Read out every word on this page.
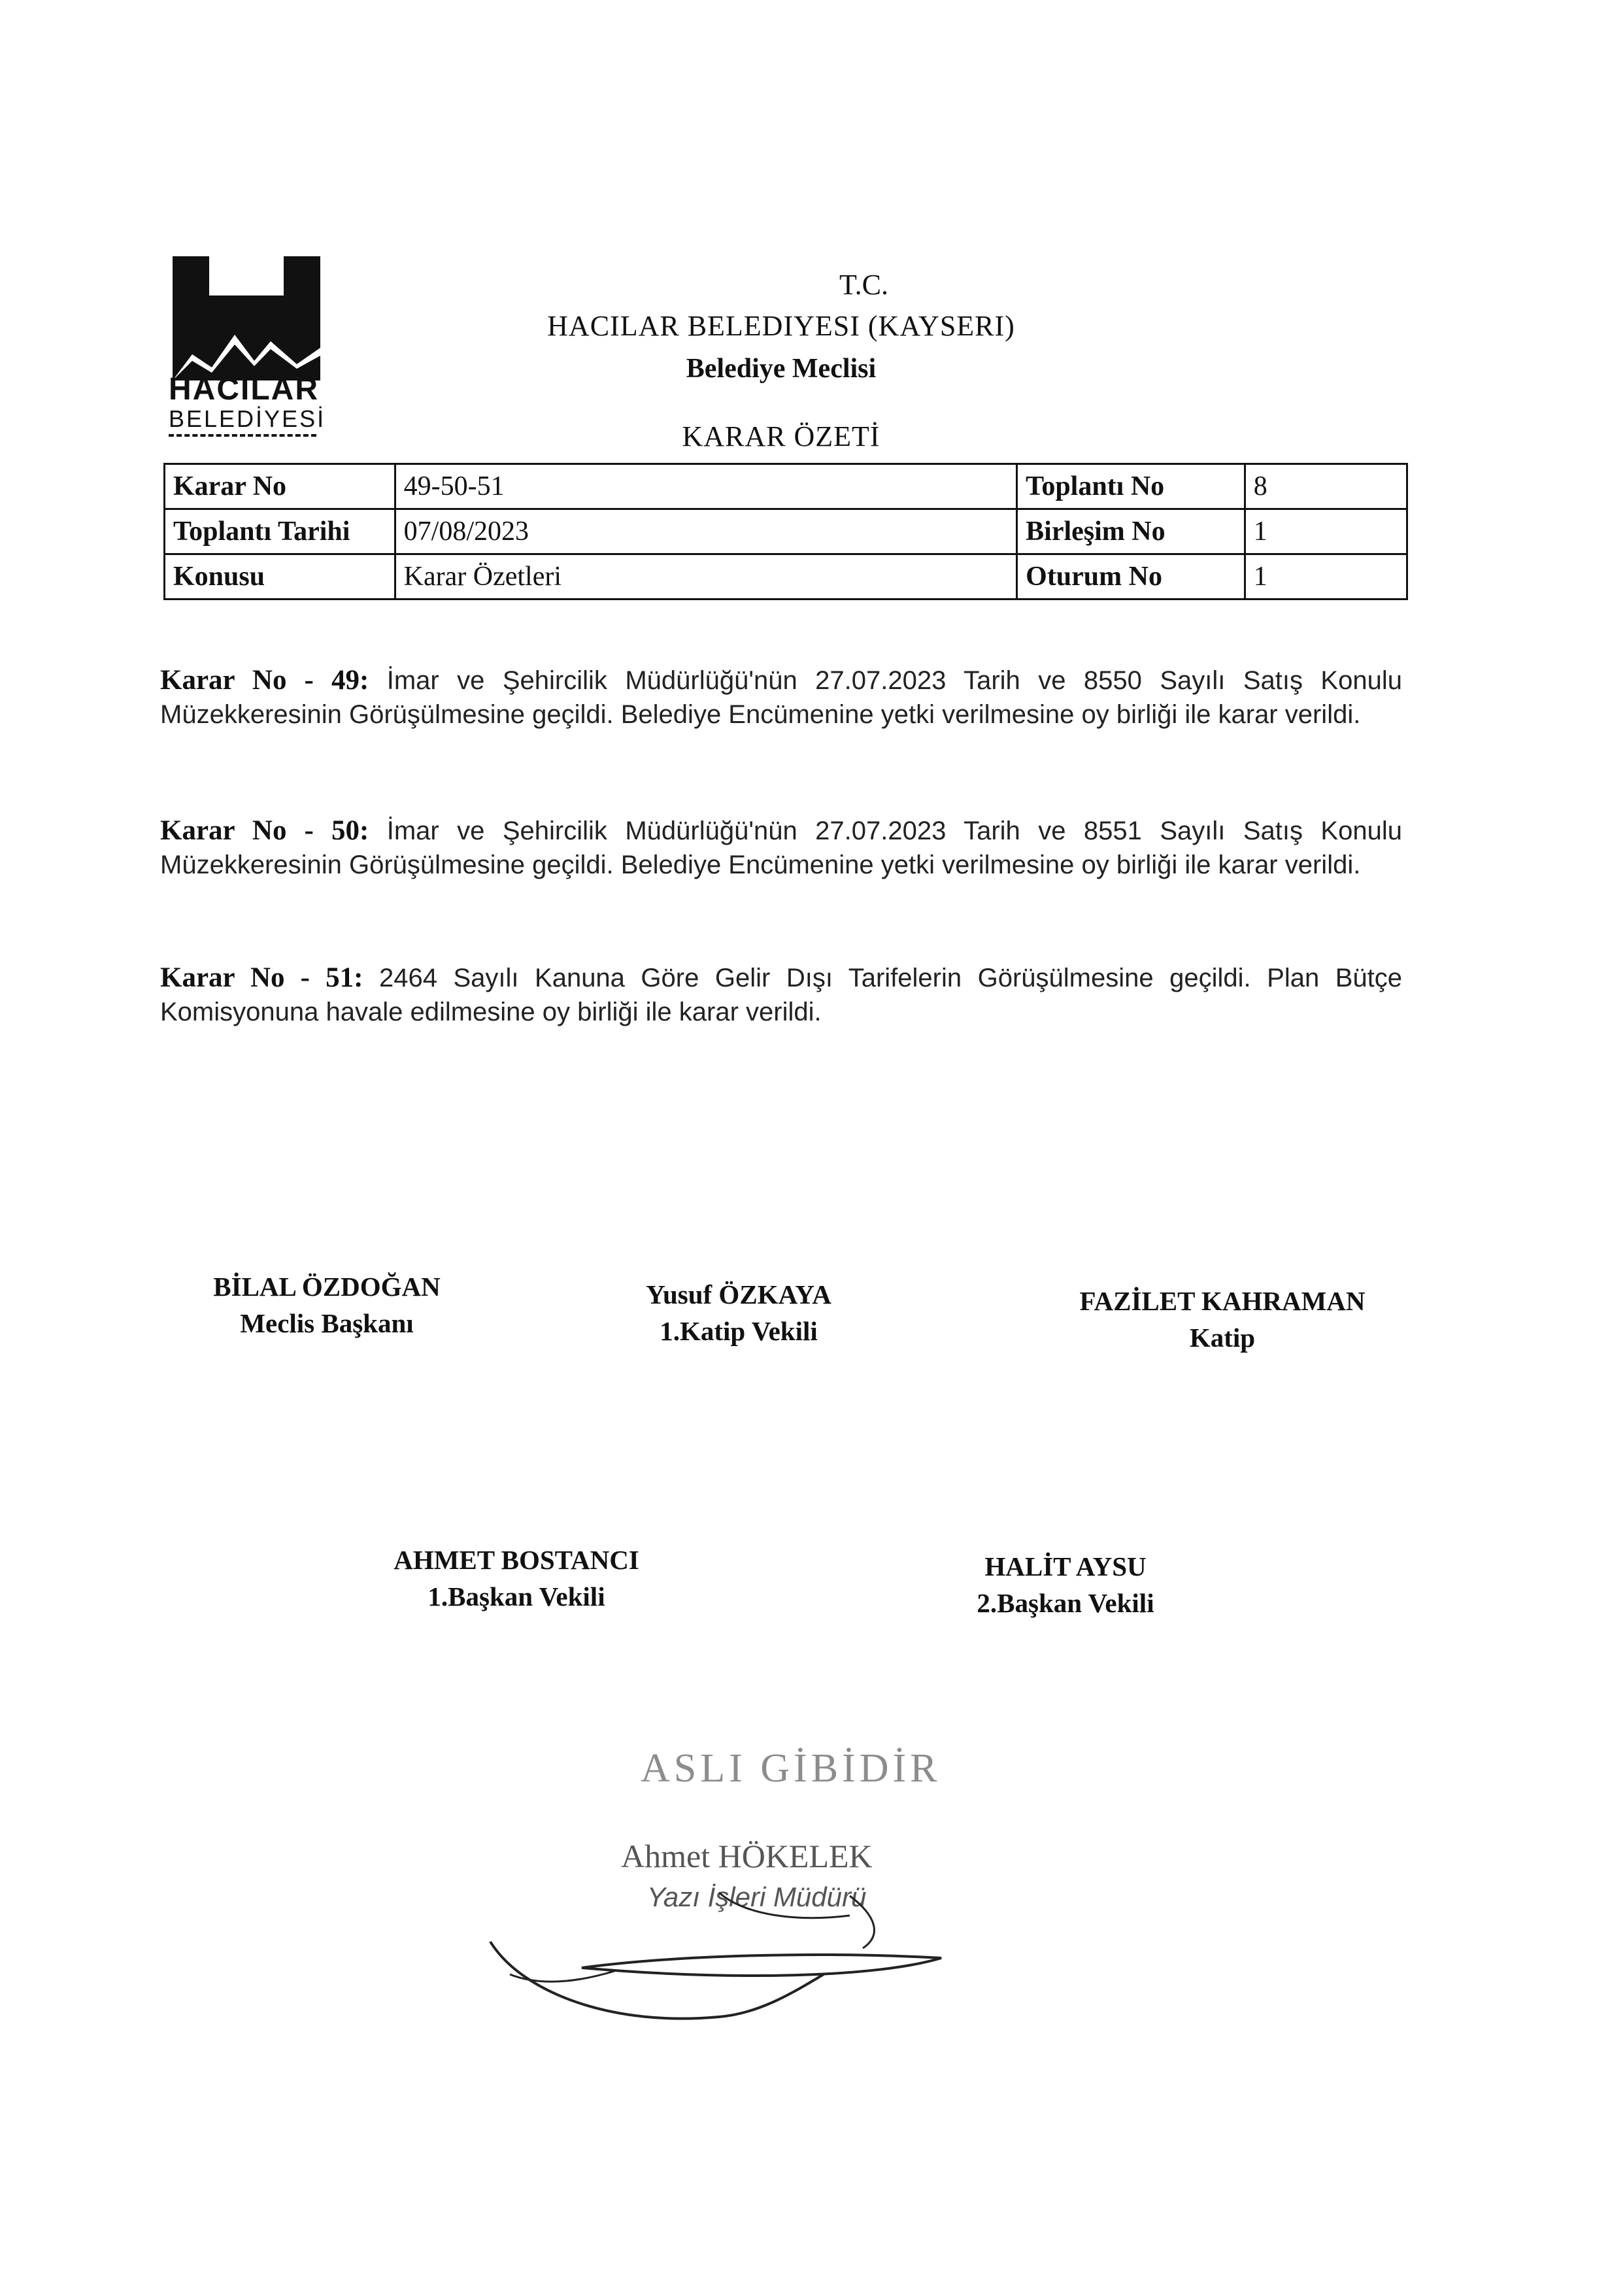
HACILAR
BELEDİYESİ
T.C.
HACILAR BELEDIYESI (KAYSERI)
Belediye Meclisi
KARAR ÖZETİ
Karar No	49-50-51	Toplantı No	8
Toplantı Tarihi	07/08/2023	Birleşim No	1
Konusu	Karar Özetleri	Oturum No	1
Karar No - 49: İmar ve Şehircilik Müdürlüğü'nün 27.07.2023 Tarih ve 8550 Sayılı Satış Konulu Müzekkeresinin Görüşülmesine geçildi. Belediye Encümenine yetki verilmesine oy birliği ile karar verildi.
Karar No - 50: İmar ve Şehircilik Müdürlüğü'nün 27.07.2023 Tarih ve 8551 Sayılı Satış Konulu Müzekkeresinin Görüşülmesine geçildi. Belediye Encümenine yetki verilmesine oy birliği ile karar verildi.
Karar No - 51: 2464 Sayılı Kanuna Göre Gelir Dışı Tarifelerin Görüşülmesine geçildi. Plan Bütçe Komisyonuna havale edilmesine oy birliği ile karar verildi.
BİLAL ÖZDOĞAN
Meclis Başkanı
Yusuf ÖZKAYA
1.Katip Vekili
FAZİLET KAHRAMAN
Katip
AHMET BOSTANCI
1.Başkan Vekili
HALİT AYSU
2.Başkan Vekili
ASLI GİBİDİR
Ahmet HÖKELEK
Yazı İşleri Müdürü
